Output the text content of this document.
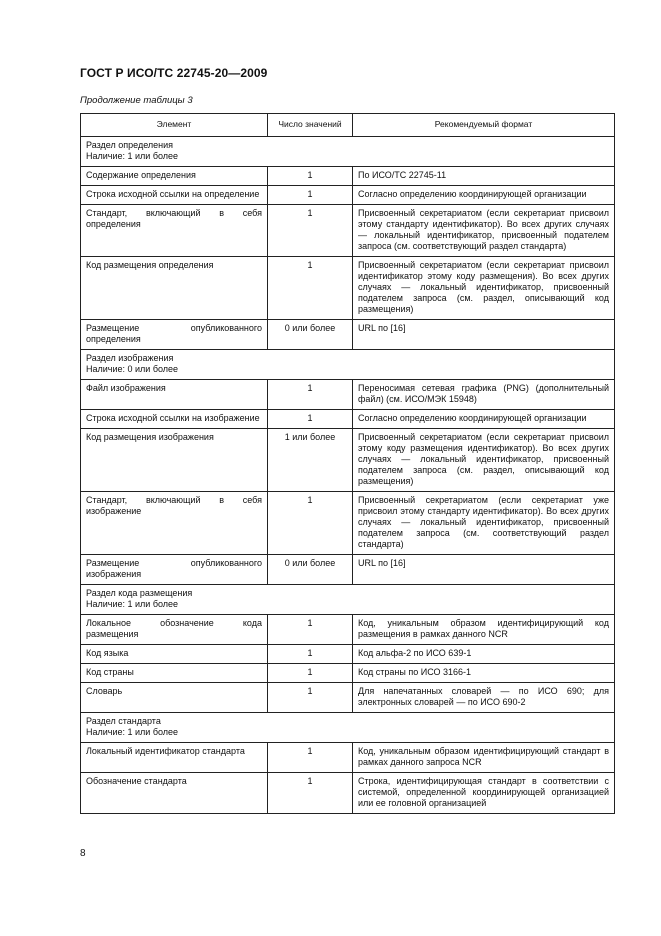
ГОСТ Р ИСО/ТС 22745-20—2009
Продолжение таблицы 3
Элемент	Число значений	Рекомендуемый формат

Раздел определения
Наличие: 1 или более		

Содержание определения	1	По ИСО/ТС 22745-11
Строка исходной ссылки на определение	1	Согласно определению координирующей организации
Стандарт, включающий в себя определения	1	Присвоенный секретариатом (если секретариат присвоил этому стандарту идентификатор). Во всех других случаях — локальный идентификатор, присвоенный подателем запроса (см. соответствующий раздел стандарта)
Код размещения определения	1	Присвоенный секретариатом (если секретариат присвоил идентификатор этому коду размещения). Во всех других случаях — локальный идентификатор, присвоенный подателем запроса (см. раздел, описывающий код размещения)
Размещение опубликованного определения	0 или более	URL по [16]

Раздел изображения
Наличие: 0 или более		

Файл изображения	1	Переносимая сетевая графика (PNG) (дополнительный файл) (см. ИСО/МЭК 15948)
Строка исходной ссылки на изображение	1	Согласно определению координирующей организации
Код размещения изображения	1 или более	Присвоенный секретариатом (если секретариат присвоил этому коду размещения идентификатор). Во всех других случаях — локальный идентификатор, присвоенный подателем запроса (см. раздел, описывающий код размещения)
Стандарт, включающий в себя изображение	1	Присвоенный секретариатом (если секретариат уже присвоил этому стандарту идентификатор). Во всех других случаях — локальный идентификатор, присвоенный подателем запроса (см. соответствующий раздел стандарта)
Размещение опубликованного изображения	0 или более	URL по [16]

Раздел кода размещения
Наличие: 1 или более		

Локальное обозначение кода размещения	1	Код, уникальным образом идентифицирующий код размещения в рамках данного NCR
Код языка	1	Код альфа-2 по ИСО 639-1
Код страны	1	Код страны по ИСО 3166-1
Словарь	1	Для напечатанных словарей — по ИСО 690; для электронных словарей — по ИСО 690-2

Раздел стандарта
Наличие: 1 или более		

Локальный идентификатор стандарта	1	Код, уникальным образом идентифицирующий стандарт в рамках данного запроса NCR
Обозначение стандарта	1	Строка, идентифицирующая стандарт в соответствии с системой, определенной координирующей организацией или ее головной организацией
8
